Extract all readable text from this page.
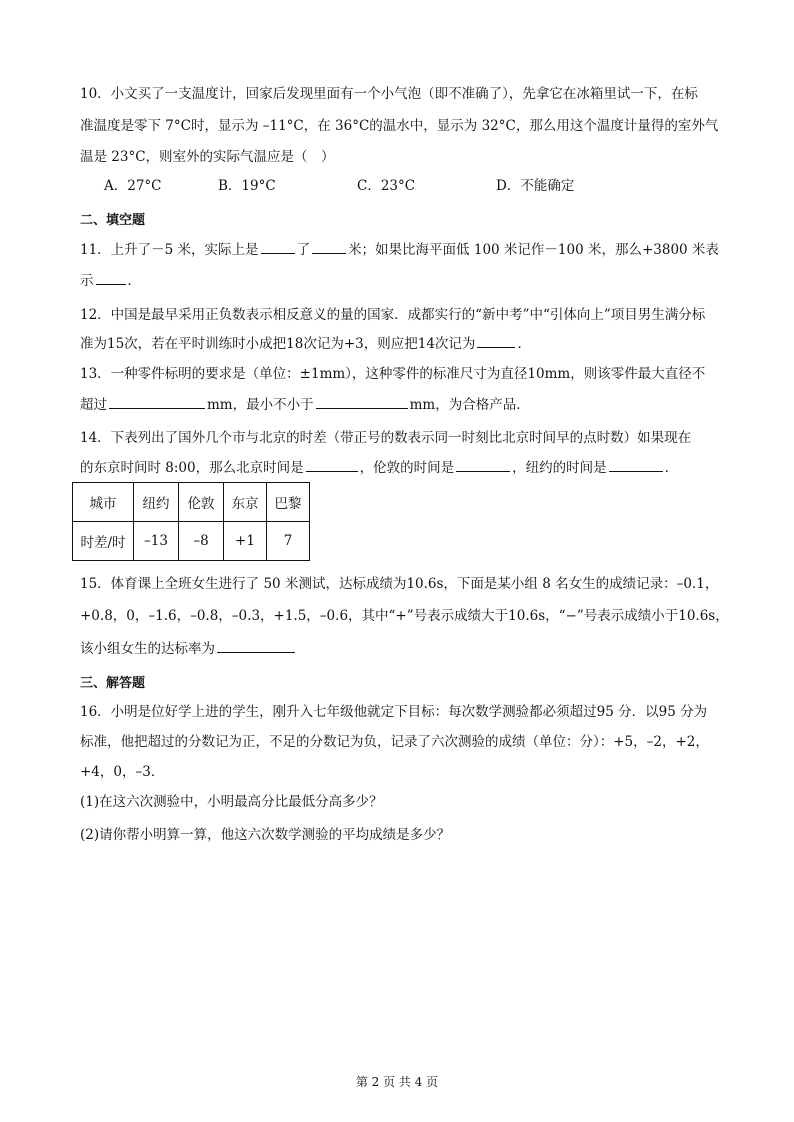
10．小文买了一支温度计，回家后发现里面有一个小气泡（即不准确了），先拿它在冰箱里试一下，在标
准温度是零下 7°C时，显示为 –11°C，在 36°C的温水中，显示为 32°C，那么用这个温度计量得的室外气
温是 23°C，则室外的实际气温应是（　）
A．27°C	B．19°C	C．23°C	D．不能确定
二、填空题
11．上升了－5 米，实际上是	了	米；如果比海平面低 100 米记作－100 米，那么+3800 米表
示	．
12．中国是最早采用正负数表示相反意义的量的国家．成都实行的“新中考”中“引体向上”项目男生满分标
准为15次，若在平时训练时小成把18次记为+3，则应把14次记为	．
13．一种零件标明的要求是（单位：±1mm），这种零件的标准尺寸为直径10mm，则该零件最大直径不
超过	mm，最小不小于	mm，为合格产品．
14．下表列出了国外几个市与北京的时差（带正号的数表示同一时刻比北京时间早的点时数）如果现在
的东京时间时 8:00，那么北京时间是	，伦敦的时间是	，纽约的时间是	．
城市	纽约	伦敦	东京	巴黎
时差/时	–13	–8	+1	7
15．体育课上全班女生进行了 50 米测试，达标成绩为10.6s，下面是某小组 8 名女生的成绩记录：–0.1，
+0.8，0，–1.6，–0.8，–0.3，+1.5，–0.6，其中“+”号表示成绩大于10.6s，“−”号表示成绩小于10.6s，
该小组女生的达标率为
三、解答题
16．小明是位好学上进的学生，刚升入七年级他就定下目标：每次数学测验都必须超过95 分．以95 分为
标准，他把超过的分数记为正，不足的分数记为负，记录了六次测验的成绩（单位：分）：+5，–2，+2，
+4，0，–3．
(1)在这六次测验中，小明最高分比最低分高多少？
(2)请你帮小明算一算，他这六次数学测验的平均成绩是多少？
第 2 页 共 4 页
